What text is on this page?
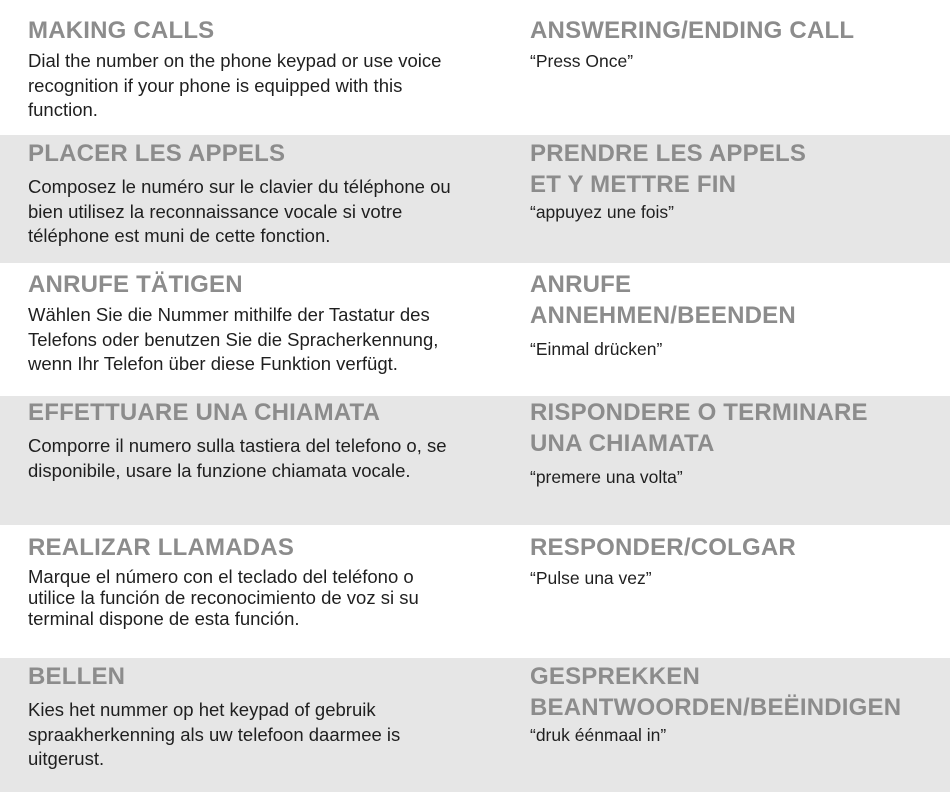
MAKING CALLS

Dial the number on the phone keypad or use voice
recognition if your phone is equipped with this
function.

ANSWERING/ENDING CALL

“Press Once”

PLACER LES APPELS

Composez le numéro sur le clavier du téléphone ou
bien utilisez la reconnaissance vocale si votre
téléphone est muni de cette fonction.

PRENDRE LES APPELS
ET Y METTRE FIN

“appuyez une fois”

ANRUFE TÄTIGEN

Wählen Sie die Nummer mithilfe der Tastatur des
Telefons oder benutzen Sie die Spracherkennung,
wenn Ihr Telefon über diese Funktion verfügt.

ANRUFE
ANNEHMEN/BEENDEN

“Einmal drücken”

EFFETTUARE UNA CHIAMATA

Comporre il numero sulla tastiera del telefono o, se
disponibile, usare la funzione chiamata vocale.

RISPONDERE O TERMINARE
UNA CHIAMATA

“premere una volta”

REALIZAR LLAMADAS

Marque el número con el teclado del teléfono o
utilice la función de reconocimiento de voz si su
terminal dispone de esta función.

RESPONDER/COLGAR

“Pulse una vez”

BELLEN

Kies het nummer op het keypad of gebruik
spraakherkenning als uw telefoon daarmee is
uitgerust.

GESPREKKEN
BEANTWOORDEN/BEËINDIGEN

“druk éénmaal in”
